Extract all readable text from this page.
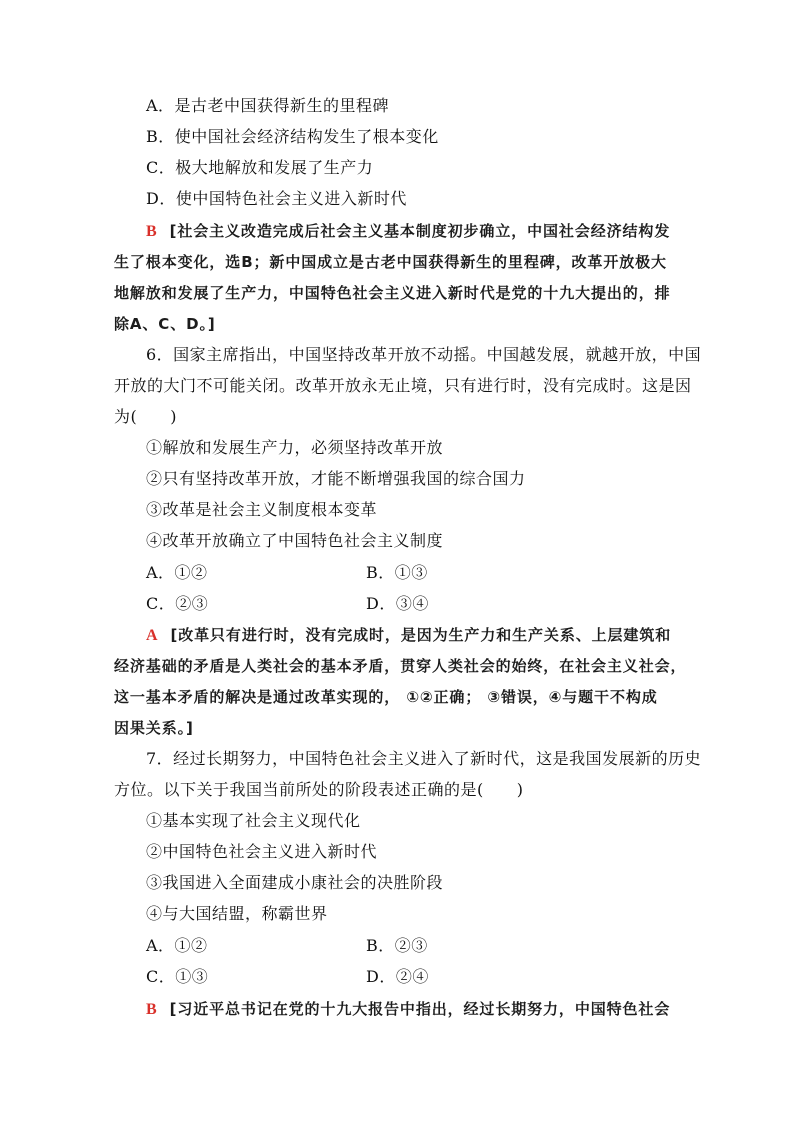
A．是古老中国获得新生的里程碑
B．使中国社会经济结构发生了根本变化
C．极大地解放和发展了生产力
D．使中国特色社会主义进入新时代
B [社会主义改造完成后社会主义基本制度初步确立，中国社会经济结构发
生了根本变化，选B；新中国成立是古老中国获得新生的里程碑，改革开放极大
地解放和发展了生产力，中国特色社会主义进入新时代是党的十九大提出的，排
除A、C、D。]
6．国家主席指出，中国坚持改革开放不动摇。中国越发展，就越开放，中国
开放的大门不可能关闭。改革开放永无止境，只有进行时，没有完成时。这是因
为(　　)
①解放和发展生产力，必须坚持改革开放
②只有坚持改革开放，才能不断增强我国的综合国力
③改革是社会主义制度根本变革
④改革开放确立了中国特色社会主义制度
A．①②	B．①③
C．②③	D．③④
A [改革只有进行时，没有完成时，是因为生产力和生产关系、上层建筑和
经济基础的矛盾是人类社会的基本矛盾，贯穿人类社会的始终，在社会主义社会，
这一基本矛盾的解决是通过改革实现的， ①②正确； ③错误，④与题干不构成
因果关系。]
7．经过长期努力，中国特色社会主义进入了新时代，这是我国发展新的历史
方位。以下关于我国当前所处的阶段表述正确的是(　　)
①基本实现了社会主义现代化
②中国特色社会主义进入新时代
③我国进入全面建成小康社会的决胜阶段
④与大国结盟，称霸世界
A．①②	B．②③
C．①③	D．②④
B [习近平总书记在党的十九大报告中指出，经过长期努力，中国特色社会
